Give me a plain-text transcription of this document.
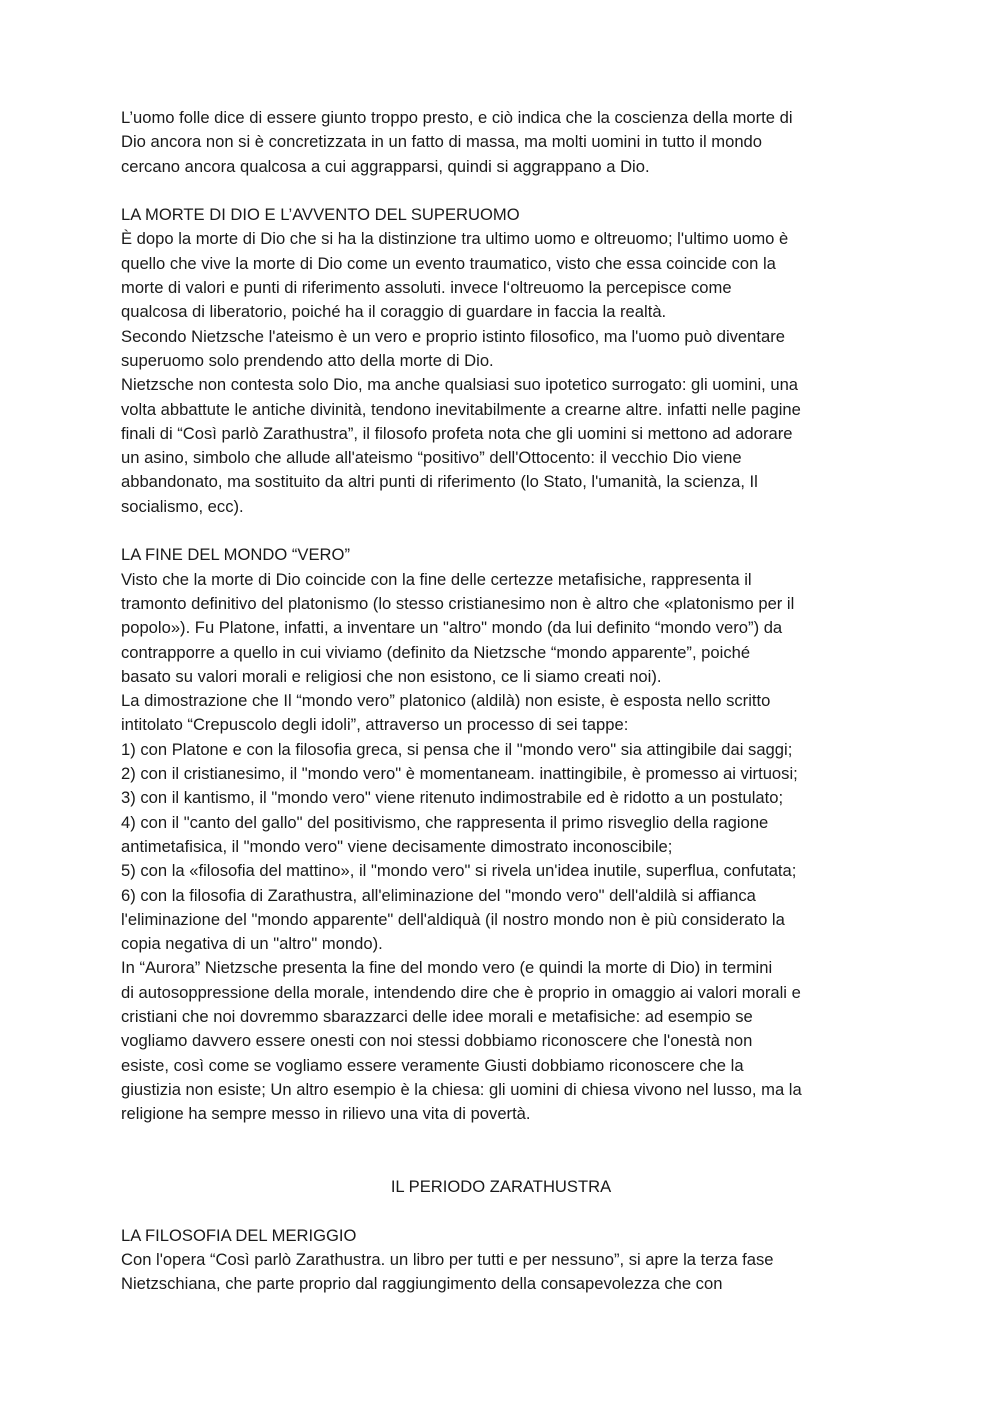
L’uomo folle dice di essere giunto troppo presto, e ciò indica che la coscienza della morte di
Dio ancora non si è concretizzata in un fatto di massa, ma molti uomini in tutto il mondo
cercano ancora qualcosa a cui aggrapparsi, quindi si aggrappano a Dio.
LA MORTE DI DIO E L’AVVENTO DEL SUPERUOMO
È dopo la morte di Dio che si ha la distinzione tra ultimo uomo e oltreuomo; l'ultimo uomo è
quello che vive la morte di Dio come un evento traumatico, visto che essa coincide con la
morte di valori e punti di riferimento assoluti. invece l‘oltreuomo la percepisce come
qualcosa di liberatorio, poiché ha il coraggio di guardare in faccia la realtà.
Secondo Nietzsche l'ateismo è un vero e proprio istinto filosofico, ma l'uomo può diventare
superuomo solo prendendo atto della morte di Dio.
Nietzsche non contesta solo Dio, ma anche qualsiasi suo ipotetico surrogato: gli uomini, una
volta abbattute le antiche divinità, tendono inevitabilmente a crearne altre. infatti nelle pagine
finali di “Così parlò Zarathustra”, il filosofo profeta nota che gli uomini si mettono ad adorare
un asino, simbolo che allude all'ateismo “positivo” dell'Ottocento: il vecchio Dio viene
abbandonato, ma sostituito da altri punti di riferimento (lo Stato, l'umanità, la scienza, Il
socialismo, ecc).
LA FINE DEL MONDO “VERO”
Visto che la morte di Dio coincide con la fine delle certezze metafisiche, rappresenta il
tramonto definitivo del platonismo (lo stesso cristianesimo non è altro che «platonismo per il
popolo»). Fu Platone, infatti, a inventare un "altro" mondo (da lui definito “mondo vero”) da
contrapporre a quello in cui viviamo (definito da Nietzsche “mondo apparente”, poiché
basato su valori morali e religiosi che non esistono, ce li siamo creati noi).
La dimostrazione che Il “mondo vero” platonico (aldilà) non esiste, è esposta nello scritto
intitolato “Crepuscolo degli idoli”, attraverso un processo di sei tappe:
1) con Platone e con la filosofia greca, si pensa che il "mondo vero" sia attingibile dai saggi;
2) con il cristianesimo, il "mondo vero" è momentaneam. inattingibile, è promesso ai virtuosi;
3) con il kantismo, il "mondo vero" viene ritenuto indimostrabile ed è ridotto a un postulato;
4) con il "canto del gallo" del positivismo, che rappresenta il primo risveglio della ragione
antimetafisica, il "mondo vero" viene decisamente dimostrato inconoscibile;
5) con la «filosofia del mattino», il "mondo vero" si rivela un'idea inutile, superflua, confutata;
6) con la filosofia di Zarathustra, all'eliminazione del "mondo vero" dell'aldilà si affianca
l'eliminazione del "mondo apparente" dell'aldiquà (il nostro mondo non è più considerato la
copia negativa di un "altro" mondo).
In “Aurora” Nietzsche presenta la fine del mondo vero (e quindi la morte di Dio) in termini
di autosoppressione della morale, intendendo dire che è proprio in omaggio ai valori morali e
cristiani che noi dovremmo sbarazzarci delle idee morali e metafisiche: ad esempio se
vogliamo davvero essere onesti con noi stessi dobbiamo riconoscere che l'onestà non
esiste, così come se vogliamo essere veramente Giusti dobbiamo riconoscere che la
giustizia non esiste; Un altro esempio è la chiesa: gli uomini di chiesa vivono nel lusso, ma la
religione ha sempre messo in rilievo una vita di povertà.
IL PERIODO ZARATHUSTRA
LA FILOSOFIA DEL MERIGGIO
Con l'opera “Così parlò Zarathustra. un libro per tutti e per nessuno”, si apre la terza fase
Nietzschiana, che parte proprio dal raggiungimento della consapevolezza che con
